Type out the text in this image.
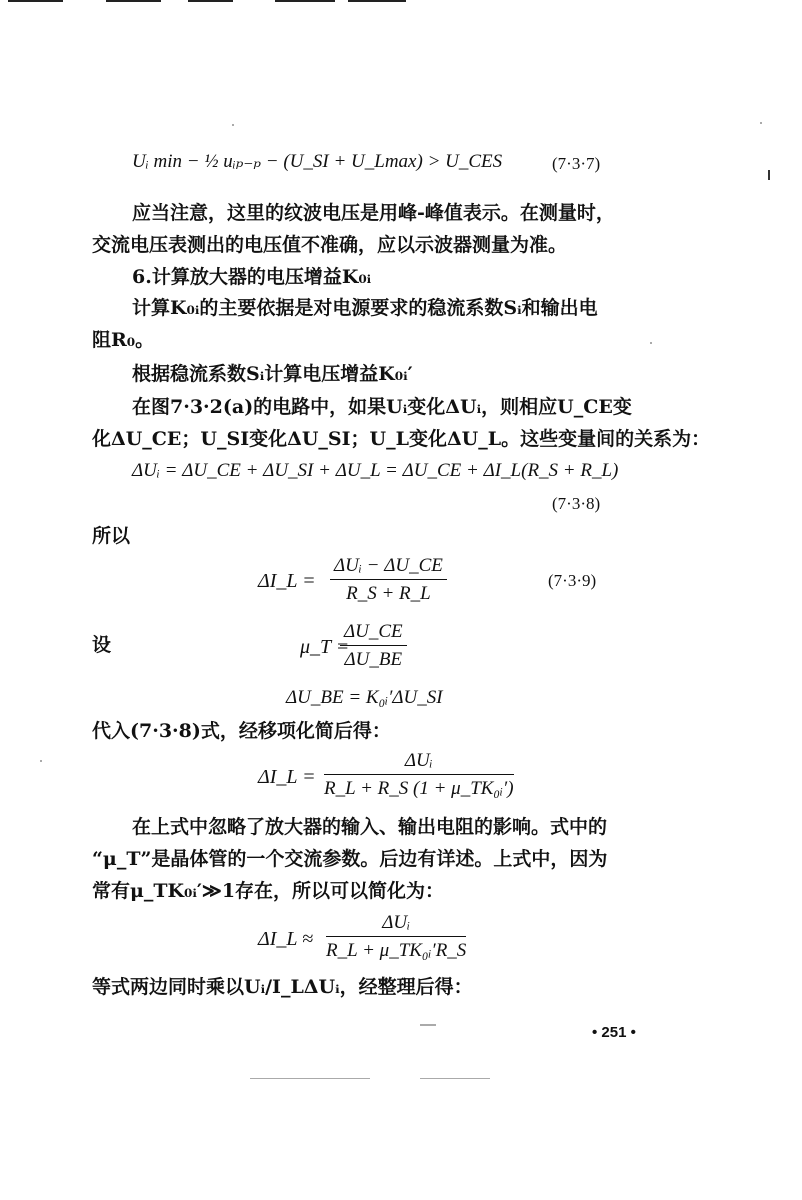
Uᵢ min − ½ uᵢₚ₋ₚ − (U_SI + U_Lmax) > U_CES	(7·3·7)
应当注意，这里的纹波电压是用峰-峰值表示。在测量时，
交流电压表测出的电压值不准确，应以示波器测量为准。
6.计算放大器的电压增益K₀ᵢ
计算K₀ᵢ的主要依据是对电源要求的稳流系数Sᵢ和输出电
阻R₀。
根据稳流系数Sᵢ计算电压增益K₀ᵢ′
在图7·3·2(a)的电路中，如果Uᵢ变化ΔUᵢ，则相应U_CE变
化ΔU_CE；U_SI变化ΔU_SI；U_L变化ΔU_L。这些变量间的关系为：
ΔUᵢ = ΔU_CE + ΔU_SI + ΔU_L = ΔU_CE + ΔI_L(R_S + R_L)
(7·3·8)
所以
ΔI_L =
ΔUᵢ − ΔU_CE
R_S + R_L
(7·3·9)
设	μ_T =
$\frac{\Delta U\_CE}{\Delta U\_BE}$
ΔU_BE = K₀ᵢ′ΔU_SI
代入(7·3·8)式，经移项化简后得：
ΔI_L =
ΔUᵢ
R_L + R_S (1 + μ_TK₀ᵢ′)
在上式中忽略了放大器的输入、输出电阻的影响。式中的
“μ_T”是晶体管的一个交流参数。后边有详述。上式中，因为
常有μ_TK₀ᵢ′≫1存在，所以可以简化为：
ΔI_L ≈
ΔUᵢ
R_L + μ_TK₀ᵢ′R_S
等式两边同时乘以Uᵢ/I_LΔUᵢ，经整理后得：
• 251 •
